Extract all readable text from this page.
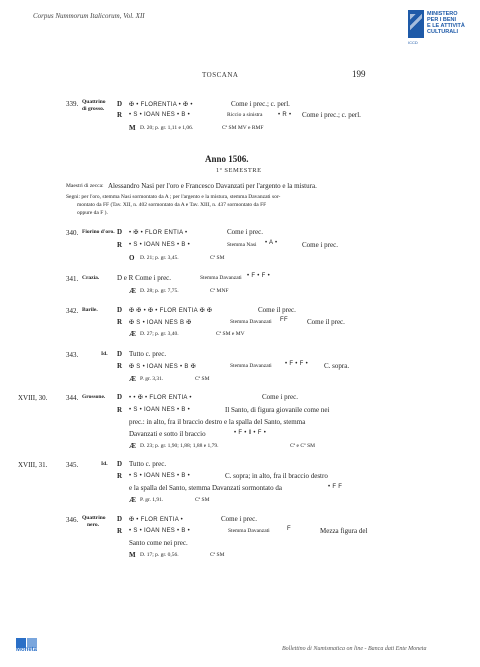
Corpus Nummorum Italicorum, Vol. XII	MINISTERO
PER I BENI
E LE ATTIVITÀ
CULTURALI
ICCD
TOSCANA	199
339. Quattrino
di grosso.
D ✠ • FLORENTIA • ✠ •	Come i prec.; c. perl.
R • S • IOAN NES • B •	Riccio a sinistra	• R • Come i prec.; c. perl.
M D. 20; p. gr. 1,11 e 1,06.	Cª SM MV e RMF
Anno 1506.
1º SEMESTRE
Maestri di zecca: Alessandro Nasi per l'oro e Francesco Davanzati per l'argento e la mistura.
Segni: per l'oro, stemma Nasi sormontato da A ; per l'argento e la mistura, stemma Davanzati sor-
montato da FF (Tav. XII, n. 402 sormontato da A e Tav. XIII, n. 437 sormontato da FF
oppure da F ).
340. Fiorino d'oro. D • ✠ • FLOR ENTIA •	Come i prec.
R • S • IOAN NES • B •	Stemma Nasi • A •	Come i prec.
O D. 21; p. gr. 3,45.	Cª SM
341. Crazia.	D e R Come i prec.	Stemma Davanzati • F • F •
Æ D. 28; p. gr. 7,75.	Cª MNF
342. Barile.	D ✠ ✠ • ✠ • FLOR ENTIA ✠ ✠	Come il prec.
R ✠ S • IOAN NES B ✠	Stemma Davanzati FF	Come il prec.
Æ D. 27; p. gr. 3,40.	Cª SM e MV
343.	Id. D Tutto c. prec.
R ✠ S • IOAN NES • B ✠	Stemma Davanzati • F • F • C. sopra.
Æ P. gr. 3,31.	Cª SM
XVIII, 30.	344. Grossone. D • • ✠ • FLOR ENTIA •	Come i prec.
R • S • IOAN NES • B •	Il Santo, di figura giovanile come nei
prec.: in alto, fra il braccio destro e la spalla del Santo, stemma
Davanzati e sotto il braccio	• F • ‖ • F •
Æ D. 23; p. gr. 1,90; 1,88; 1,88 e 1,79.	Cª e Cº SM
XVIII, 31.	345.	Id. D Tutto c. prec.
R • S • IOAN NES • B •	C. sopra; in alto, fra il braccio destro
e la spalla del Santo, stemma Davanzati sormontato da	• F F
Æ P. gr. 1,91.	Cª SM
346. Quattrino
nero.
D ✠ • FLOR ENTIA •	Come i prec.
R • S • IOAN NES • B •	Stemma Davanzati	F	Mezza figura del
Santo come nei prec.
M D. 17; p. gr. 0,56.	Cª SM
Moneta	Bollettino di Numismatica on line - Banca dati Ente Moneta
